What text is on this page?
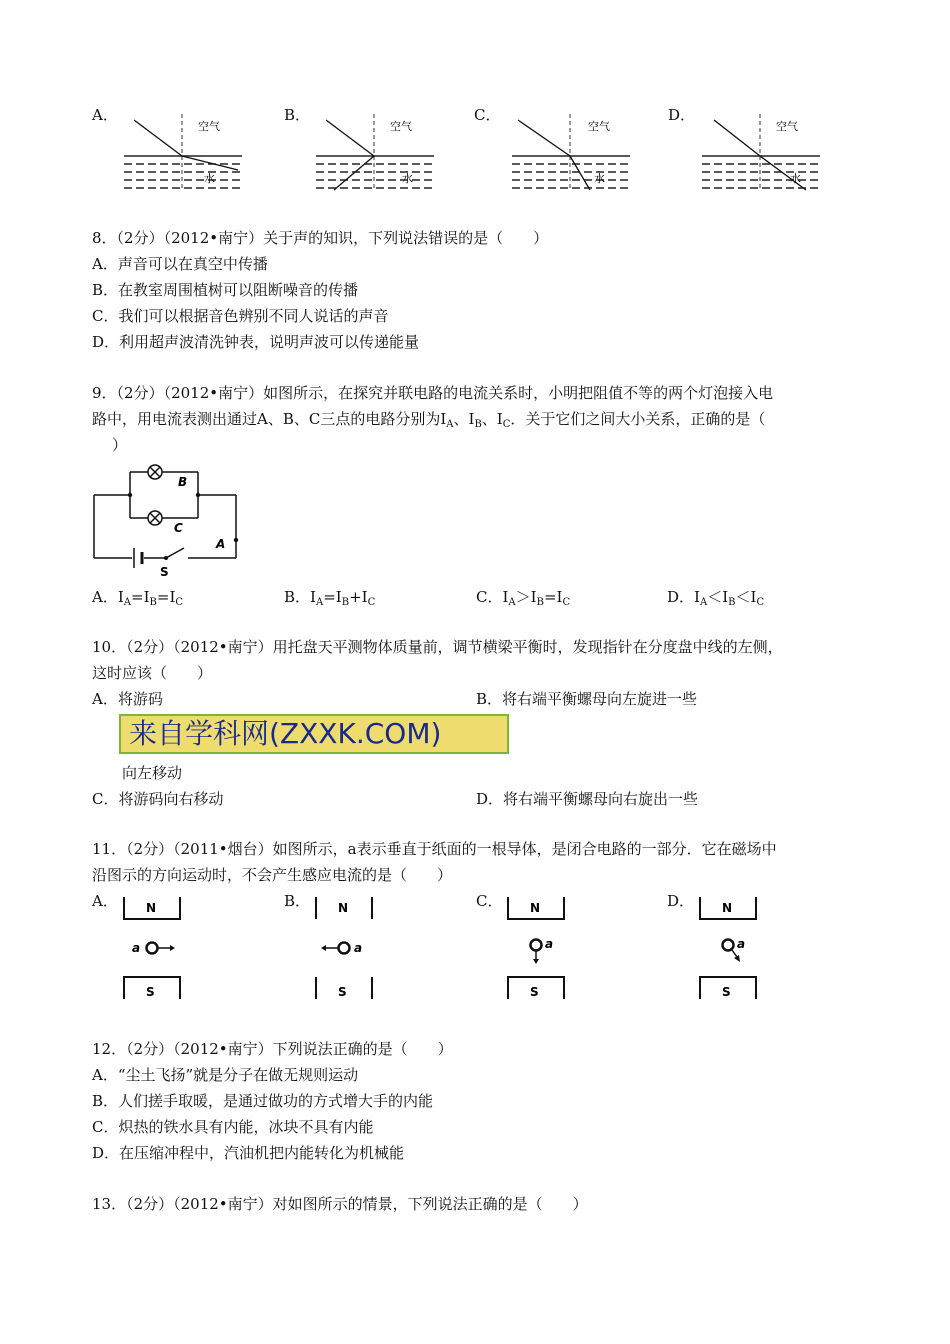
A．	B．	C．	D．
空气
水
空气
水
空气
水
空气
水
8．（2分）（2012•南宁）关于声的知识，下列说法错误的是（　　）
A．声音可以在真空中传播
B．在教室周围植树可以阻断噪音的传播
C．我们可以根据音色辨别不同人说话的声音
D．利用超声波清洗钟表，说明声波可以传递能量
9．（2分）（2012•南宁）如图所示，在探究并联电路的电流关系时，小明把阻值不等的两个灯泡接入电
路中，用电流表测出通过A、B、C三点的电路分别为$I_A$、$I_B$、$I_C$．关于它们之间大小关系，正确的是（
）
B
C
A
S
A．$I_A=I_B=I_C$	B．$I_A=I_B+I_C$	C．$I_A>I_B=I_C$	D．$I_A<I_B<I_C$
10．（2分）（2012•南宁）用托盘天平测物体质量前，调节横梁平衡时，发现指针在分度盘中线的左侧，
这时应该（　　）
A．将游码	B．将右端平衡螺母向左旋进一些
来自学科网(ZXXK.COM)
向左移动
C．将游码向右移动	D．将右端平衡螺母向右旋出一些
11．（2分）（2011•烟台）如图所示，a表示垂直于纸面的一根导体，是闭合电路的一部分．它在磁场中
沿图示的方向运动时，不会产生感应电流的是（　　）
A．	B．	C．	D．
N
S
a
N
S
a
N
S
a
N
S
a
12．（2分）（2012•南宁）下列说法正确的是（　　）
A．“尘土飞扬”就是分子在做无规则运动
B．人们搓手取暖，是通过做功的方式增大手的内能
C．炽热的铁水具有内能，冰块不具有内能
D．在压缩冲程中，汽油机把内能转化为机械能
13．（2分）（2012•南宁）对如图所示的情景，下列说法正确的是（　　）
